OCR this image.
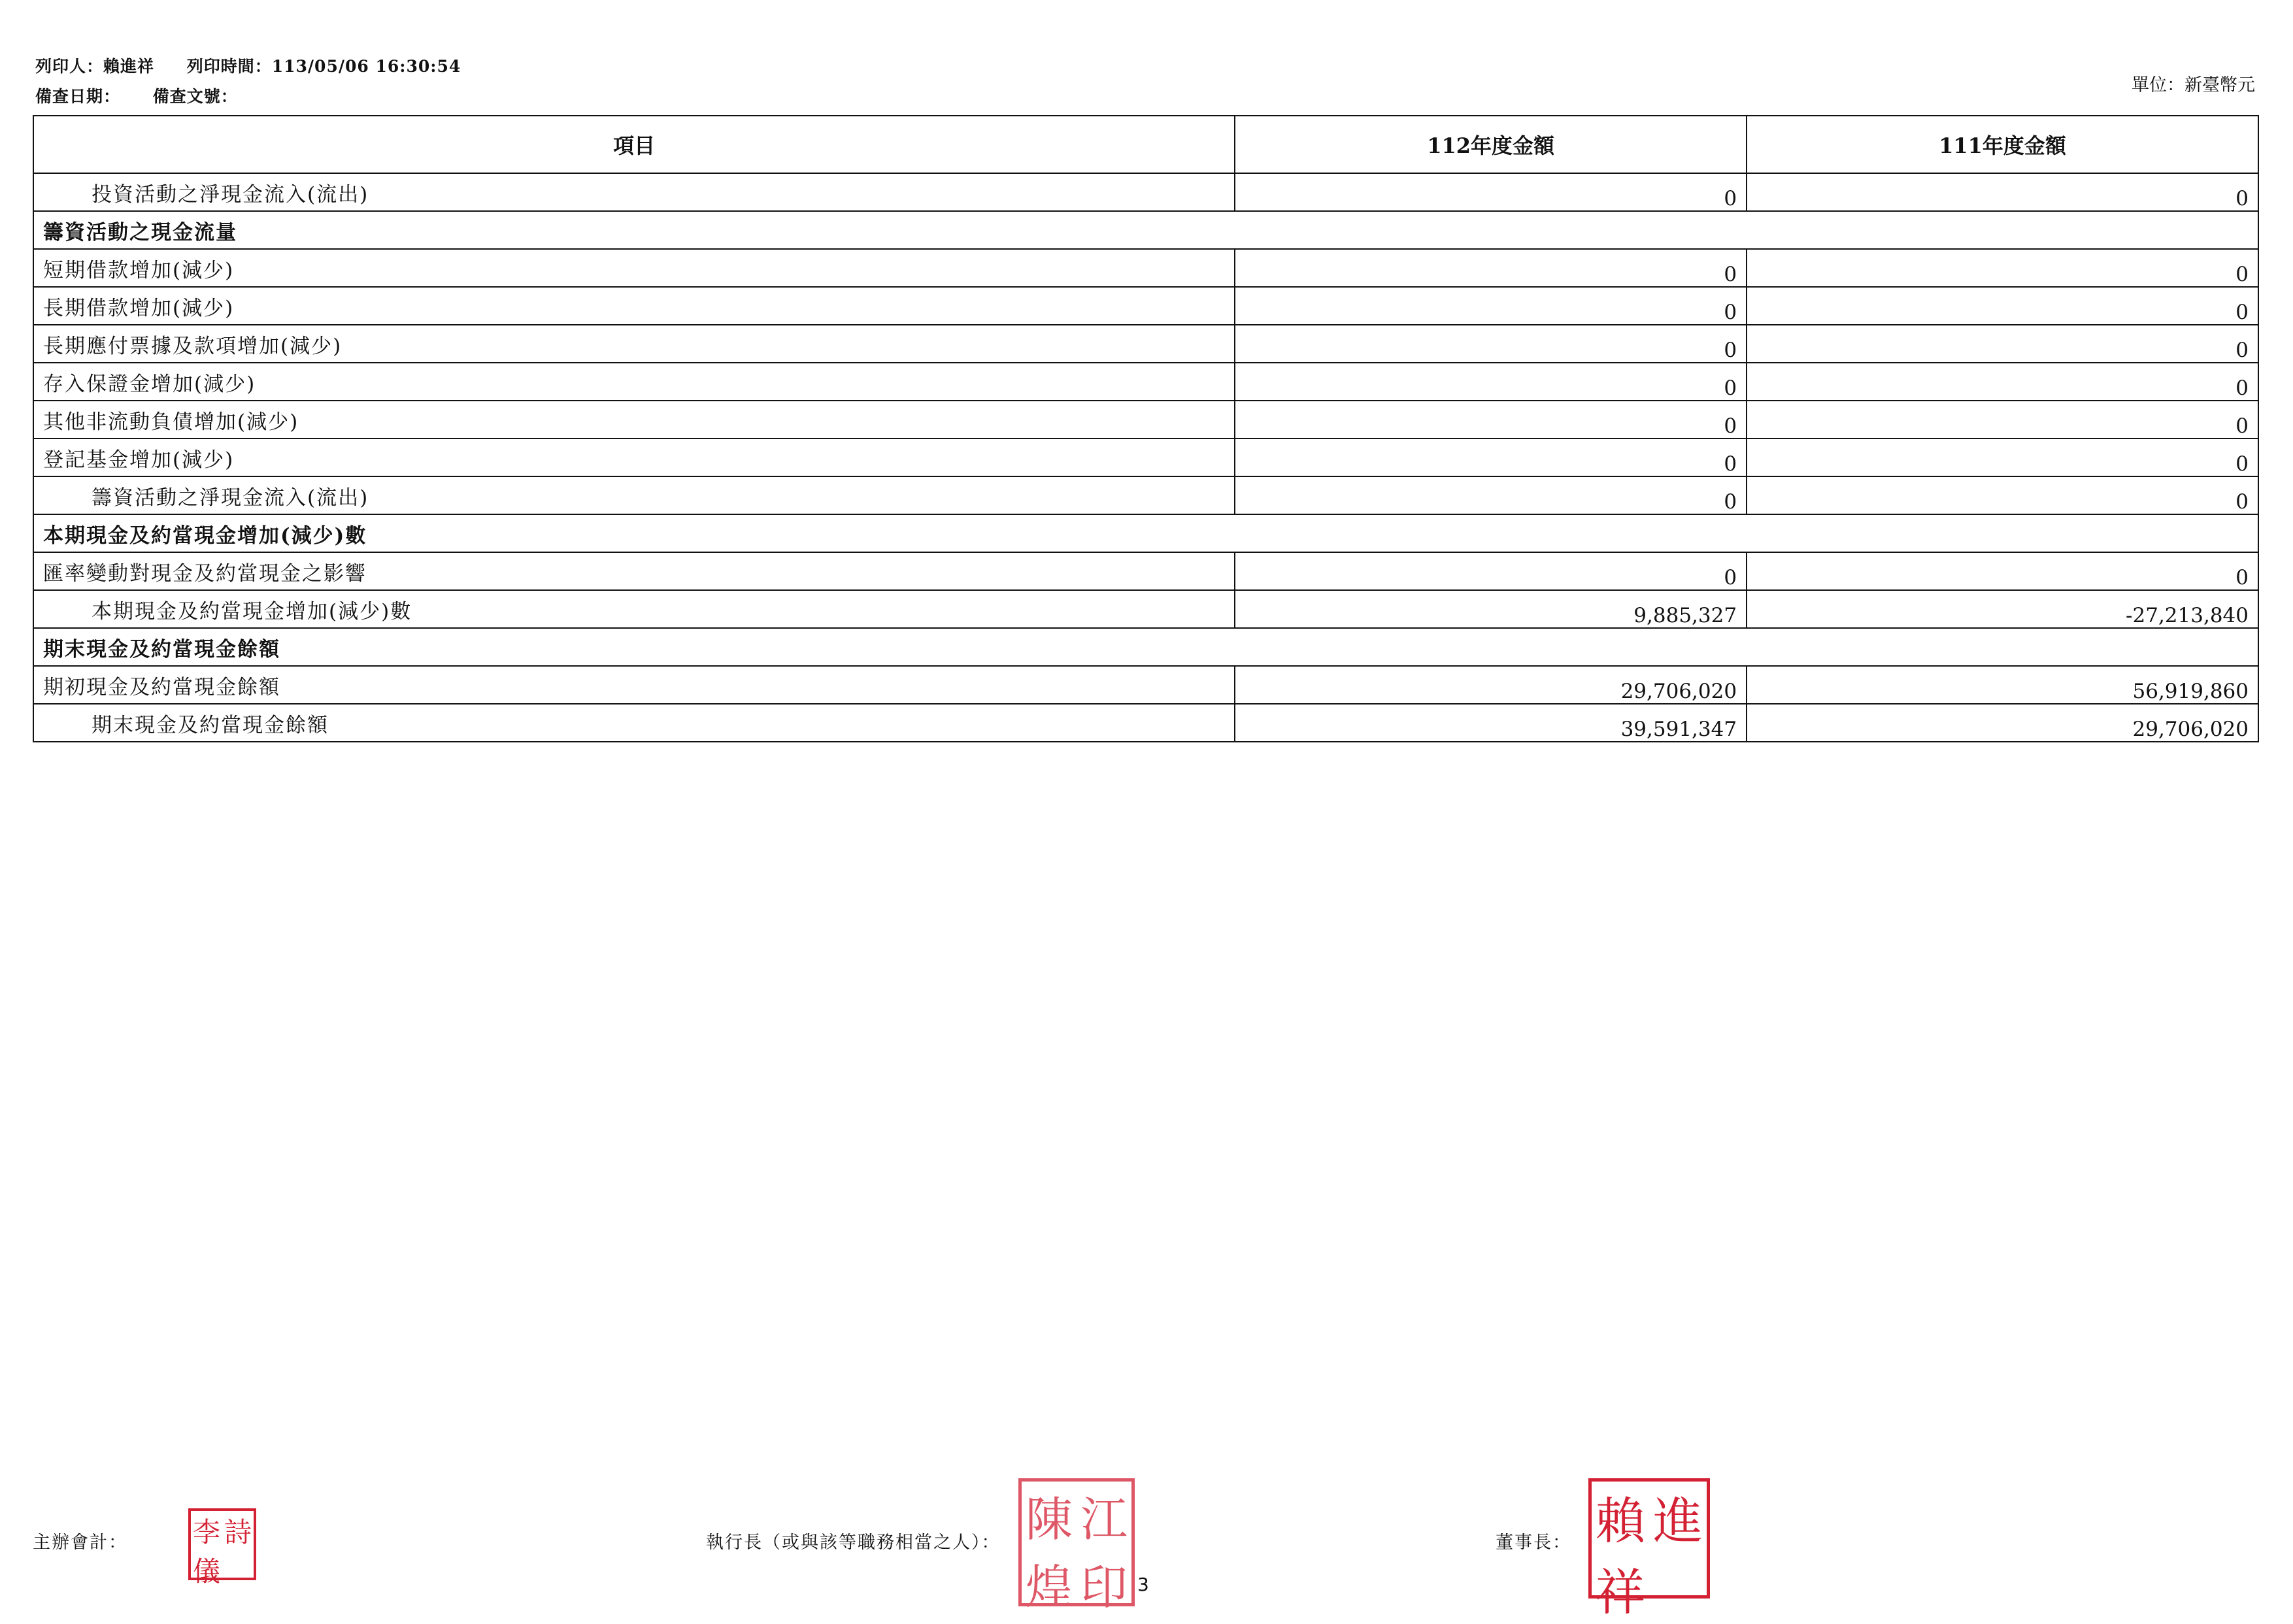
列印人：賴進祥 列印時間：113/05/06 16:30:54
備查日期： 備查文號：
單位：新臺幣元
項目	112年度金額	111年度金額
投資活動之淨現金流入(流出)	0	0
籌資活動之現金流量		
短期借款增加(減少)	0	0
長期借款增加(減少)	0	0
長期應付票據及款項增加(減少)	0	0
存入保證金增加(減少)	0	0
其他非流動負債增加(減少)	0	0
登記基金增加(減少)	0	0
籌資活動之淨現金流入(流出)	0	0
本期現金及約當現金增加(減少)數		
匯率變動對現金及約當現金之影響	0	0
本期現金及約當現金增加(減少)數	9,885,327	-27,213,840
期末現金及約當現金餘額		
期初現金及約當現金餘額	29,706,020	56,919,860
期末現金及約當現金餘額	39,591,347	29,706,020
主辦會計： 李 詩
儀
執行長（或與該等職務相當之人）： 陳 江
煌 印 3
董事長： 賴 進
祥
